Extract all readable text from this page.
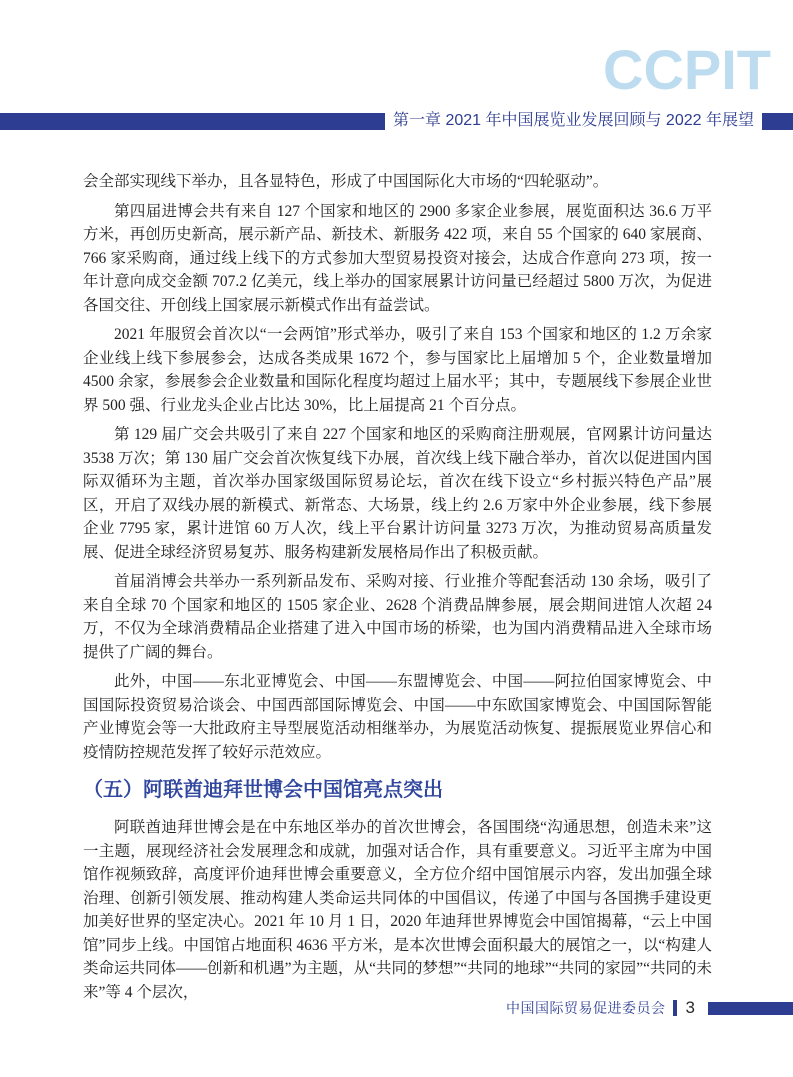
CCPIT
第一章 2021 年中国展览业发展回顾与 2022 年展望

会全部实现线下举办，且各显特色，形成了中国国际化大市场的“四轮驱动”。

第四届进博会共有来自 127 个国家和地区的 2900 多家企业参展，展览面积达 36.6 万平方米，再创历史新高，展示新产品、新技术、新服务 422 项，来自 55 个国家的 640 家展商、766 家采购商，通过线上线下的方式参加大型贸易投资对接会，达成合作意向 273 项，按一年计意向成交金额 707.2 亿美元，线上举办的国家展累计访问量已经超过 5800 万次，为促进各国交往、开创线上国家展示新模式作出有益尝试。

2021 年服贸会首次以“一会两馆”形式举办，吸引了来自 153 个国家和地区的 1.2 万余家企业线上线下参展参会，达成各类成果 1672 个，参与国家比上届增加 5 个，企业数量增加 4500 余家，参展参会企业数量和国际化程度均超过上届水平；其中，专题展线下参展企业世界 500 强、行业龙头企业占比达 30%，比上届提高 21 个百分点。

第 129 届广交会共吸引了来自 227 个国家和地区的采购商注册观展，官网累计访问量达 3538 万次；第 130 届广交会首次恢复线下办展，首次线上线下融合举办，首次以促进国内国际双循环为主题，首次举办国家级国际贸易论坛，首次在线下设立“乡村振兴特色产品”展区，开启了双线办展的新模式、新常态、大场景，线上约 2.6 万家中外企业参展，线下参展企业 7795 家，累计进馆 60 万人次，线上平台累计访问量 3273 万次，为推动贸易高质量发展、促进全球经济贸易复苏、服务构建新发展格局作出了积极贡献。

首届消博会共举办一系列新品发布、采购对接、行业推介等配套活动 130 余场，吸引了来自全球 70 个国家和地区的 1505 家企业、2628 个消费品牌参展，展会期间进馆人次超 24 万，不仅为全球消费精品企业搭建了进入中国市场的桥梁，也为国内消费精品进入全球市场提供了广阔的舞台。

此外，中国——东北亚博览会、中国——东盟博览会、中国——阿拉伯国家博览会、中国国际投资贸易洽谈会、中国西部国际博览会、中国——中东欧国家博览会、中国国际智能产业博览会等一大批政府主导型展览活动相继举办，为展览活动恢复、提振展览业界信心和疫情防控规范发挥了较好示范效应。

（五）阿联酋迪拜世博会中国馆亮点突出

阿联酋迪拜世博会是在中东地区举办的首次世博会，各国围绕“沟通思想，创造未来”这一主题，展现经济社会发展理念和成就，加强对话合作，具有重要意义。习近平主席为中国馆作视频致辞，高度评价迪拜世博会重要意义，全方位介绍中国馆展示内容，发出加强全球治理、创新引领发展、推动构建人类命运共同体的中国倡议，传递了中国与各国携手建设更加美好世界的坚定决心。2021 年 10 月 1 日，2020 年迪拜世界博览会中国馆揭幕，“云上中国馆”同步上线。中国馆占地面积 4636 平方米，是本次世博会面积最大的展馆之一，以“构建人类命运共同体——创新和机遇”为主题，从“共同的梦想”“共同的地球”“共同的家园”“共同的未来”等 4 个层次，

中国国际贸易促进委员会 3
